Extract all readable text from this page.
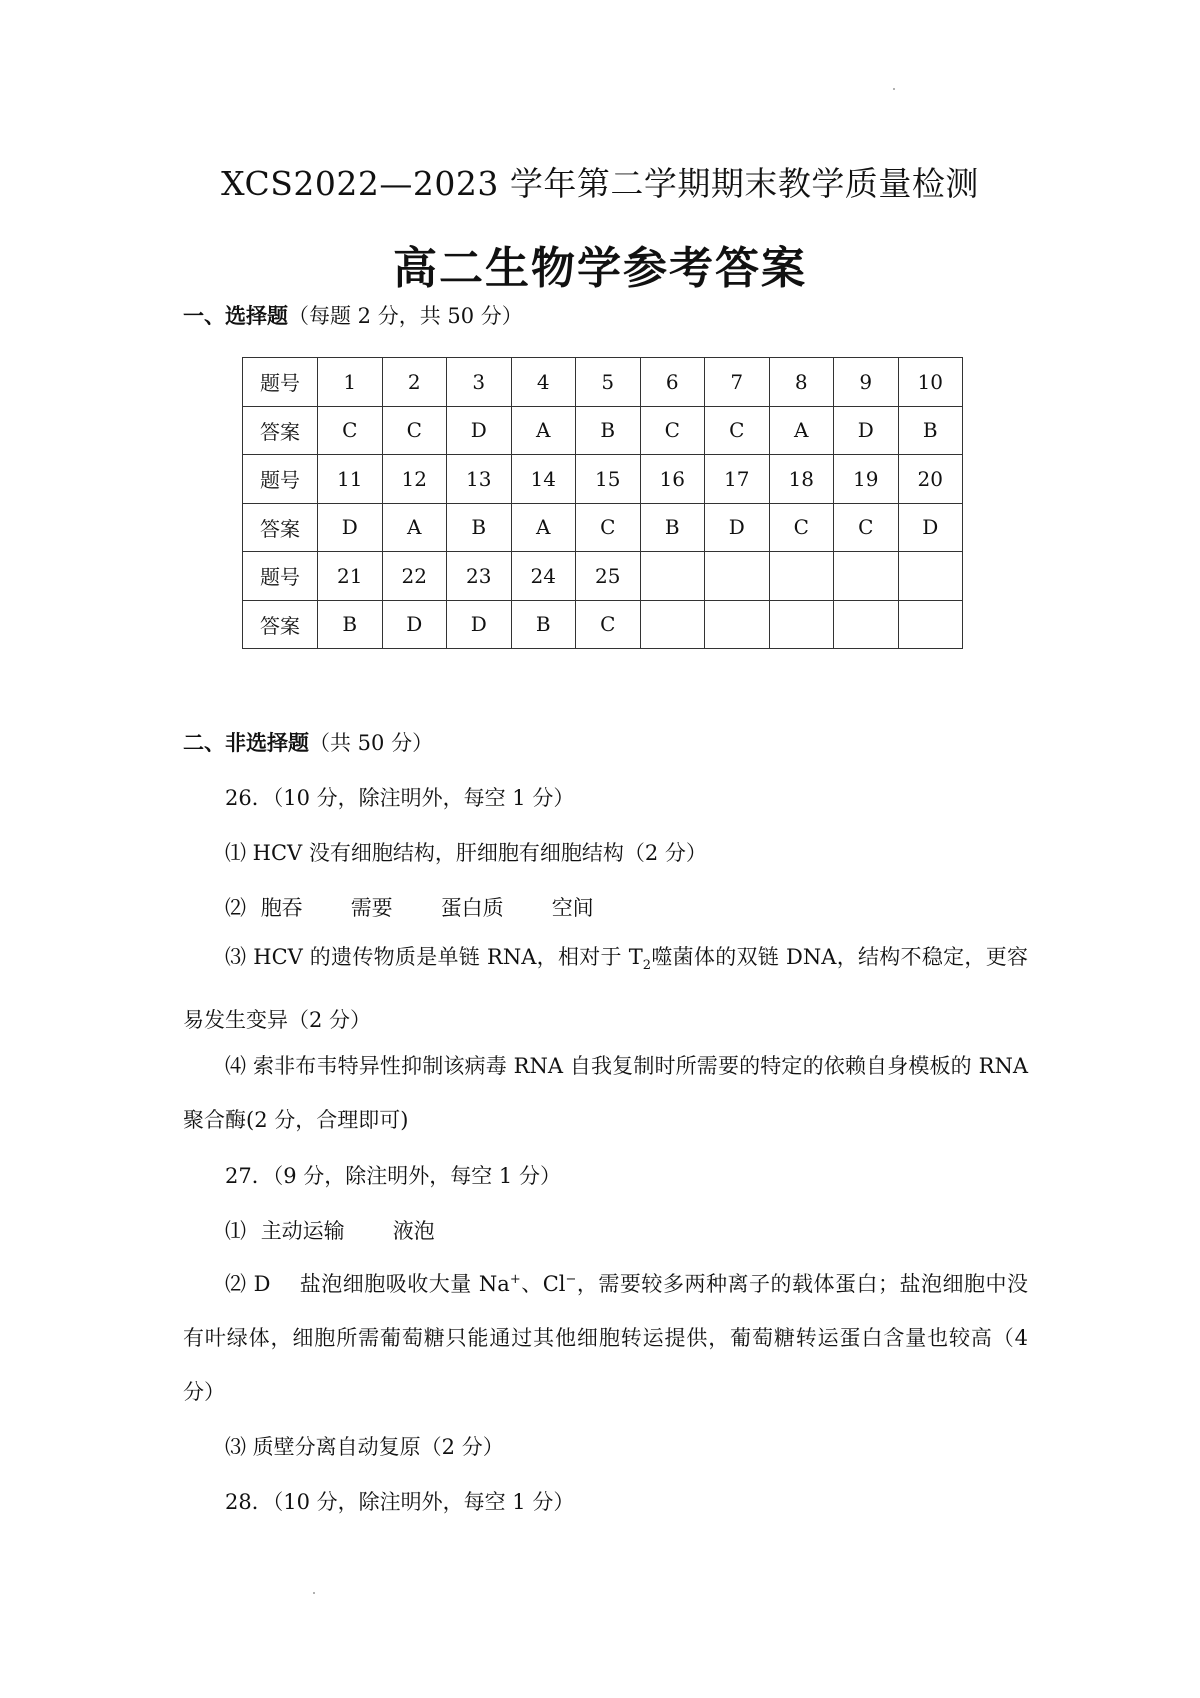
XCS2022—2023 学年第二学期期末教学质量检测
高二生物学参考答案
一、选择题（每题 2 分，共 50 分）
题号	1	2	3	4	5	6	7	8	9	10
答案	C	C	D	A	B	C	C	A	D	B
题号	11	12	13	14	15	16	17	18	19	20
答案	D	A	B	A	C	B	D	C	C	D
题号	21	22	23	24	25					
答案	B	D	D	B	C					
二、非选择题（共 50 分）
26．（10 分，除注明外，每空 1 分）
⑴ HCV 没有细胞结构，肝细胞有细胞结构（2 分）
⑵ 胞吞 需要 蛋白质 空间
⑶ HCV 的遗传物质是单链 RNA，相对于 $T_2$噬菌体的双链 DNA，结构不稳定，更容易发生变异（2 分）
⑷ 索非布韦特异性抑制该病毒 RNA 自我复制时所需要的特定的依赖自身模板的 RNA 聚合酶(2 分，合理即可)
27．（9 分，除注明外，每空 1 分）
⑴ 主动运输 液泡
⑵ D　 盐泡细胞吸收大量 Na+、Cl−，需要较多两种离子的载体蛋白；盐泡细胞中没有叶绿体，细胞所需葡萄糖只能通过其他细胞转运提供，葡萄糖转运蛋白含量也较高（4 分）
⑶ 质壁分离自动复原（2 分）
28．（10 分，除注明外，每空 1 分）
